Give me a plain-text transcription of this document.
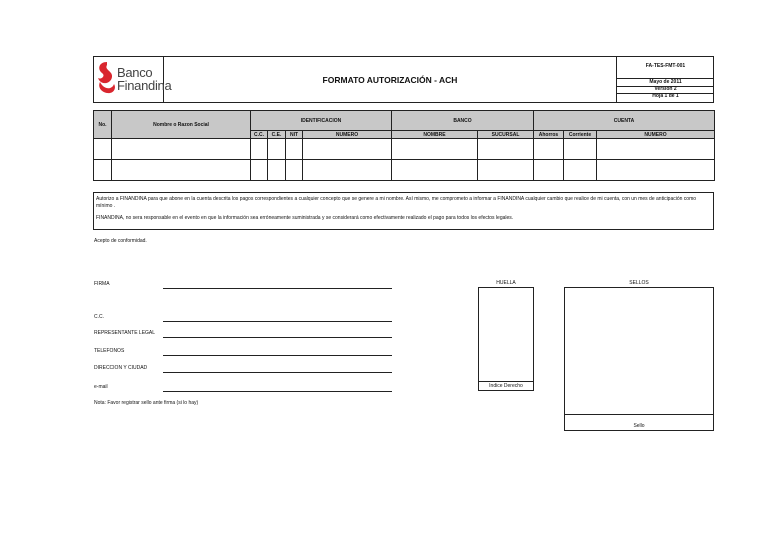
Banco
Finandina	FORMATO AUTORIZACIÓN - ACH
FA-TES-FMT-001
Mayo de 2011
Version 2
Hoja 1 de 1
No.	Nombre o Razon Social	IDENTIFICACION				BANCO		CUENTA		
		C.C.	C.E.	NIT	NUMERO	NOMBRE	SUCURSAL	Ahorros	Corriente	NUMERO

Autorizo a FINANDINA para que abone en la cuenta descrita los pagos correspondientes a cualquier concepto que se genere a mi nombre. Así mismo, me comprometo a informar a FINANDINA cualquier cambio que realice de mi cuenta, con un mes de anticipación como mínimo .
FINANDINA, no sera responsable en el evento en que la información sea erróneamente suministrada y se considerará como efectivamente realizado el pago para todos los efectos legales.
Acepto de conformidad.
FIRMA
C.C.
REPRESENTANTE LEGAL
TELEFONOS
DIRECCION Y CIUDAD
e-mail
Nota: Favor registrar sello ante firma (si lo hay)
HUELLA
Indice Derecho
SELLOS
Sello
